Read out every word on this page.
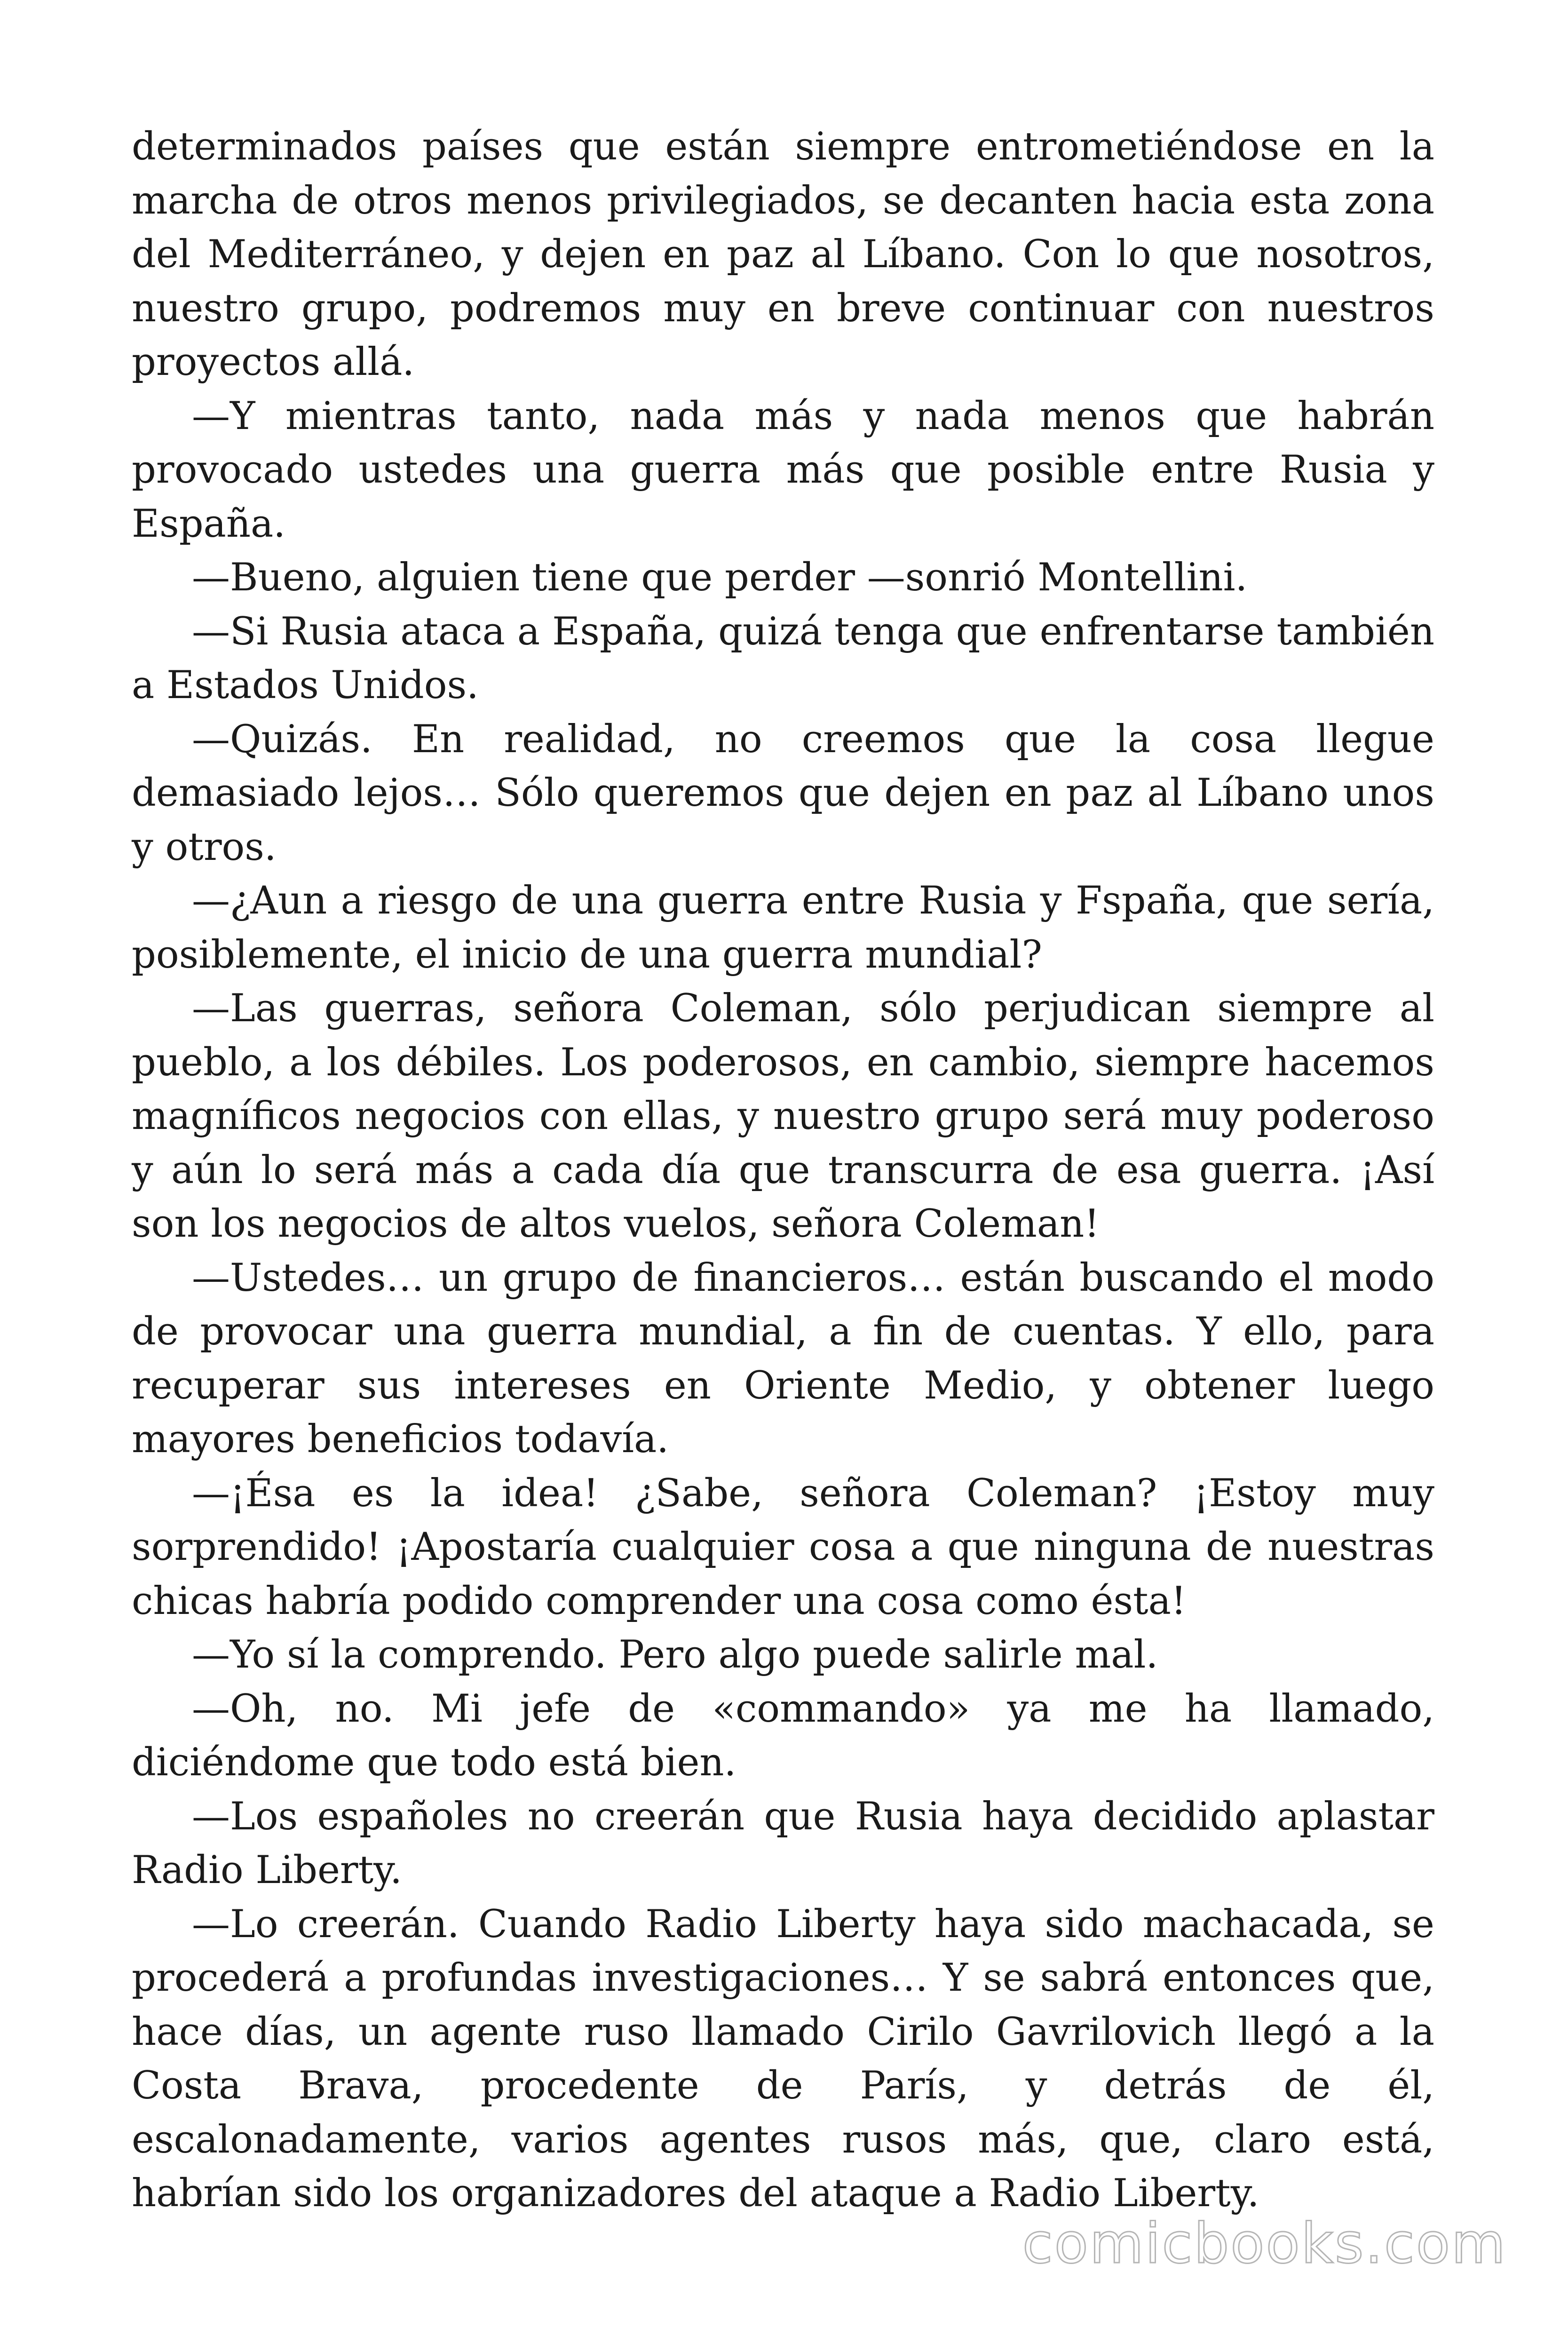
determinados países que están siempre entrometiéndose en la marcha de otros menos privilegiados, se decanten hacia esta zona del Mediterráneo, y dejen en paz al Líbano. Con lo que nosotros, nuestro grupo, podremos muy en breve continuar con nuestros proyectos allá.

—Y mientras tanto, nada más y nada menos que habrán provocado ustedes una guerra más que posible entre Rusia y España.

—Bueno, alguien tiene que perder —sonrió Montellini.

—Si Rusia ataca a España, quizá tenga que enfrentarse también a Estados Unidos.

—Quizás. En realidad, no creemos que la cosa llegue demasiado lejos… Sólo queremos que dejen en paz al Líbano unos y otros.

—¿Aun a riesgo de una guerra entre Rusia y Fspaña, que sería, posiblemente, el inicio de una guerra mundial?

—Las guerras, señora Coleman, sólo perjudican siempre al pueblo, a los débiles. Los poderosos, en cambio, siempre hacemos magníficos negocios con ellas, y nuestro grupo será muy poderoso y aún lo será más a cada día que transcurra de esa guerra. ¡Así son los negocios de altos vuelos, señora Coleman!

—Ustedes… un grupo de financieros… están buscando el modo de provocar una guerra mundial, a fin de cuentas. Y ello, para recuperar sus intereses en Oriente Medio, y obtener luego mayores beneficios todavía.

—¡Ésa es la idea! ¿Sabe, señora Coleman? ¡Estoy muy sorprendido! ¡Apostaría cualquier cosa a que ninguna de nuestras chicas habría podido comprender una cosa como ésta!

—Yo sí la comprendo. Pero algo puede salirle mal.

—Oh, no. Mi jefe de «commando» ya me ha llamado, diciéndome que todo está bien.

—Los españoles no creerán que Rusia haya decidido aplastar Radio Liberty.

—Lo creerán. Cuando Radio Liberty haya sido machacada, se procederá a profundas investigaciones… Y se sabrá entonces que, hace días, un agente ruso llamado Cirilo Gavrilovich llegó a la Costa Brava, procedente de París, y detrás de él, escalonadamente, varios agentes rusos más, que, claro está, habrían sido los organizadores del ataque a Radio Liberty.

comicbooks.com
